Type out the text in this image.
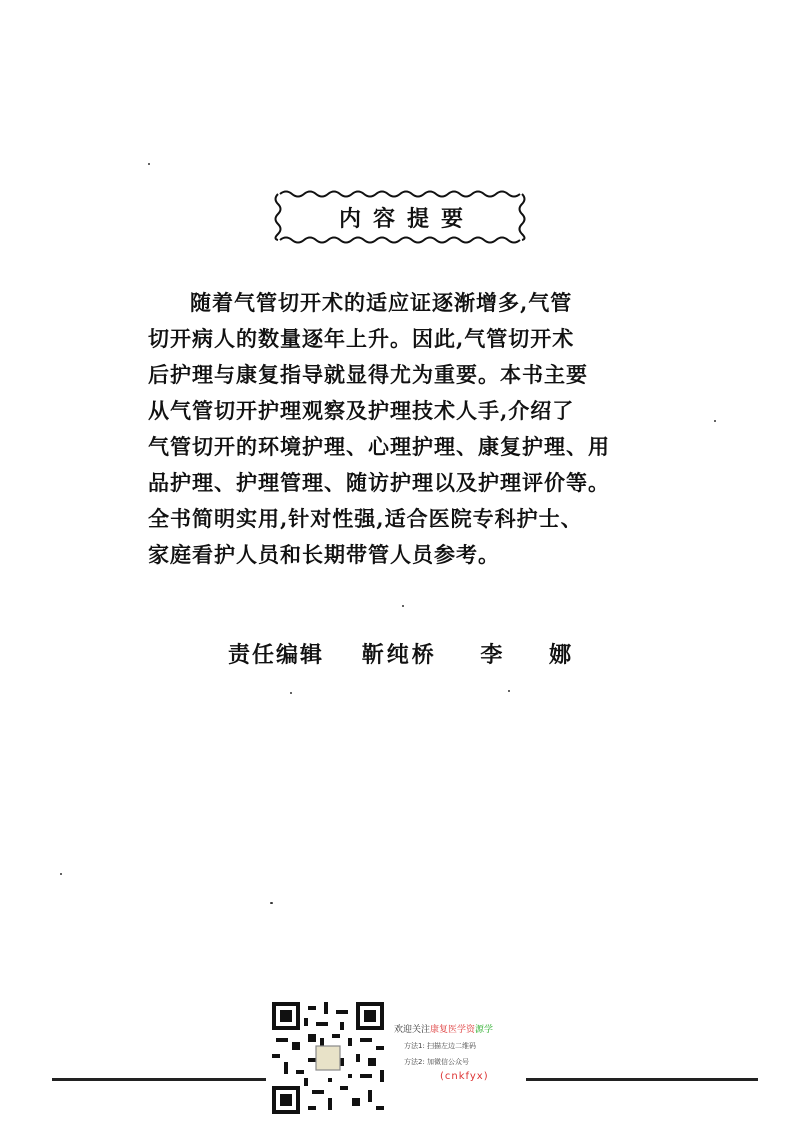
内容提要
随着气管切开术的适应证逐渐增多,气管
切开病人的数量逐年上升。因此,气管切开术
后护理与康复指导就显得尤为重要。本书主要
从气管切开护理观察及护理技术人手,介绍了
气管切开的环境护理、心理护理、康复护理、用
品护理、护理管理、随访护理以及护理评价等。
全书简明实用,针对性强,适合医院专科护士、
家庭看护人员和长期带管人员参考。
责任编辑 靳纯桥 李 娜
欢迎关注康复医学资源学
方法1: 扫描左边二维码
方法2: 加微信公众号
(cnkfyx)
